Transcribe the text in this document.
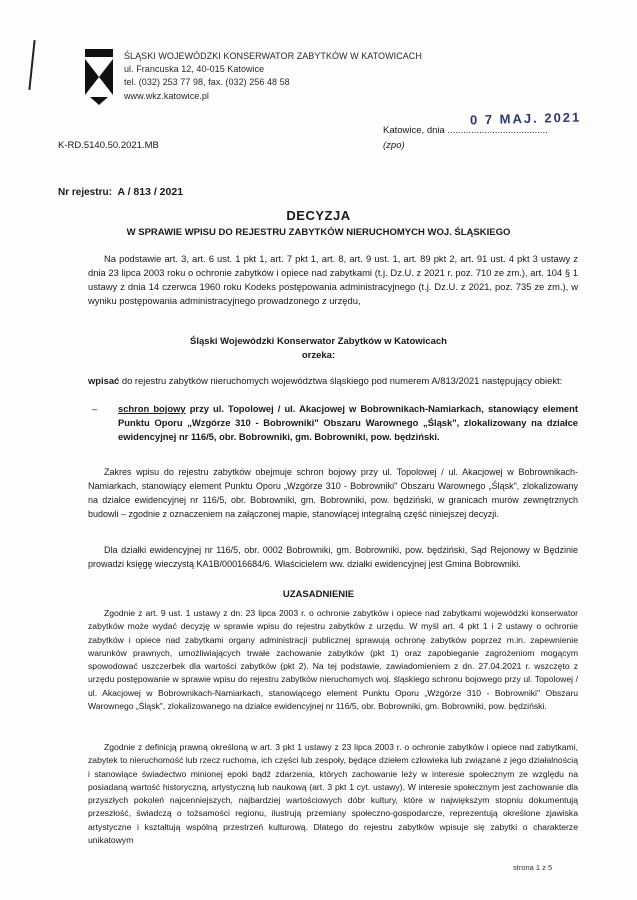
ŚLĄSKI WOJEWÓDZKI KONSERWATOR ZABYTKÓW W KATOWICACH
ul. Francuska 12, 40-015 Katowice
tel. (032) 253 77 98, fax. (032) 256 48 58
www.wkz.katowice.pl
0 7 MAJ. 2021
Katowice, dnia ......................................
K-RD.5140.50.2021.MB	(zpo)
Nr rejestru: A / 813 / 2021
DECYZJA
W SPRAWIE WPISU DO REJESTRU ZABYTKÓW NIERUCHOMYCH WOJ. ŚLĄSKIEGO
Na podstawie art. 3, art. 6 ust. 1 pkt 1, art. 7 pkt 1, art. 8, art. 9 ust. 1, art. 89 pkt 2, art. 91 ust. 4 pkt 3 ustawy z dnia 23 lipca 2003 roku o ochronie zabytków i opiece nad zabytkami (t.j. Dz.U. z 2021 r. poz. 710 ze zm.), art. 104 § 1 ustawy z dnia 14 czerwca 1960 roku Kodeks postępowania administracyjnego (t.j. Dz.U. z 2021, poz. 735 ze zm.), w wyniku postępowania administracyjnego prowadzonego z urzędu,
Śląski Wojewódzki Konserwator Zabytków w Katowicach
orzeka:
wpisać do rejestru zabytków nieruchomych województwa śląskiego pod numerem A/813/2021 następujący obiekt:
– schron bojowy przy ul. Topolowej / ul. Akacjowej w Bobrownikach-Namiarkach, stanowiący element Punktu Oporu „Wzgórze 310 - Bobrowniki" Obszaru Warownego „Śląsk", zlokalizowany na działce ewidencyjnej nr 116/5, obr. Bobrowniki, gm. Bobrowniki, pow. będziński.
Zakres wpisu do rejestru zabytków obejmuje schron bojowy przy ul. Topolowej / ul. Akacjowej w Bobrownikach-Namiarkach, stanowiący element Punktu Oporu „Wzgórze 310 - Bobrowniki" Obszaru Warownego „Śląsk", zlokalizowany na działce ewidencyjnej nr 116/5, obr. Bobrowniki, gm. Bobrowniki, pow. będziński, w granicach murów zewnętrznych budowli – zgodnie z oznaczeniem na załączonej mapie, stanowiącej integralną część niniejszej decyzji.
Dla działki ewidencyjnej nr 116/5, obr. 0002 Bobrowniki, gm. Bobrowniki, pow. będziński, Sąd Rejonowy w Będzinie prowadzi księgę wieczystą KA1B/00016684/6. Właścicielem ww. działki ewidencyjnej jest Gmina Bobrowniki.
UZASADNIENIE
Zgodnie z art. 9 ust. 1 ustawy z dn. 23 lipca 2003 r. o ochronie zabytków i opiece nad zabytkami wojewódzki konserwator zabytków może wydać decyzję w sprawie wpisu do rejestru zabytków z urzędu. W myśl art. 4 pkt 1 i 2 ustawy o ochronie zabytków i opiece nad zabytkami organy administracji publicznej sprawują ochronę zabytków poprzez m.in. zapewnienie warunków prawnych, umożliwiających trwałe zachowanie zabytków (pkt 1) oraz zapobieganie zagrożeniom mogącym spowodować uszczerbek dla wartości zabytków (pkt 2). Na tej podstawie, zawiadomieniem z dn. 27.04.2021 r. wszczęto z urzędu postępowanie w sprawie wpisu do rejestru zabytków nieruchomych woj. śląskiego schronu bojowego przy ul. Topolowej / ul. Akacjowej w Bobrownikach-Namiarkach, stanowiącego element Punktu Oporu „Wzgórze 310 - Bobrowniki" Obszaru Warownego „Śląsk", zlokalizowanego na działce ewidencyjnej nr 116/5, obr. Bobrowniki, gm. Bobrowniki, pow. będziński.
Zgodnie z definicją prawną określoną w art. 3 pkt 1 ustawy z 23 lipca 2003 r. o ochronie zabytków i opiece nad zabytkami, zabytek to nieruchomość lub rzecz ruchoma, ich części lub zespoły, będące dziełem człowieka lub związane z jego działalnością i stanowiące świadectwo minionej epoki bądź zdarzenia, których zachowanie leży w interesie społecznym ze względu na posiadaną wartość historyczną, artystyczną lub naukową (art. 3 pkt 1 cyt. ustawy). W interesie społecznym jest zachowanie dla przyszłych pokoleń najcenniejszych, najbardziej wartościowych dóbr kultury, które w największym stopniu dokumentują przeszłość, świadczą o tożsamości regionu, ilustrują przemiany społeczno-gospodarcze, reprezentują określone zjawiska artystyczne i kształtują wspólną przestrzeń kulturową. Dlatego do rejestru zabytków wpisuje się zabytki o charakterze unikatowym
strona 1 z 5
